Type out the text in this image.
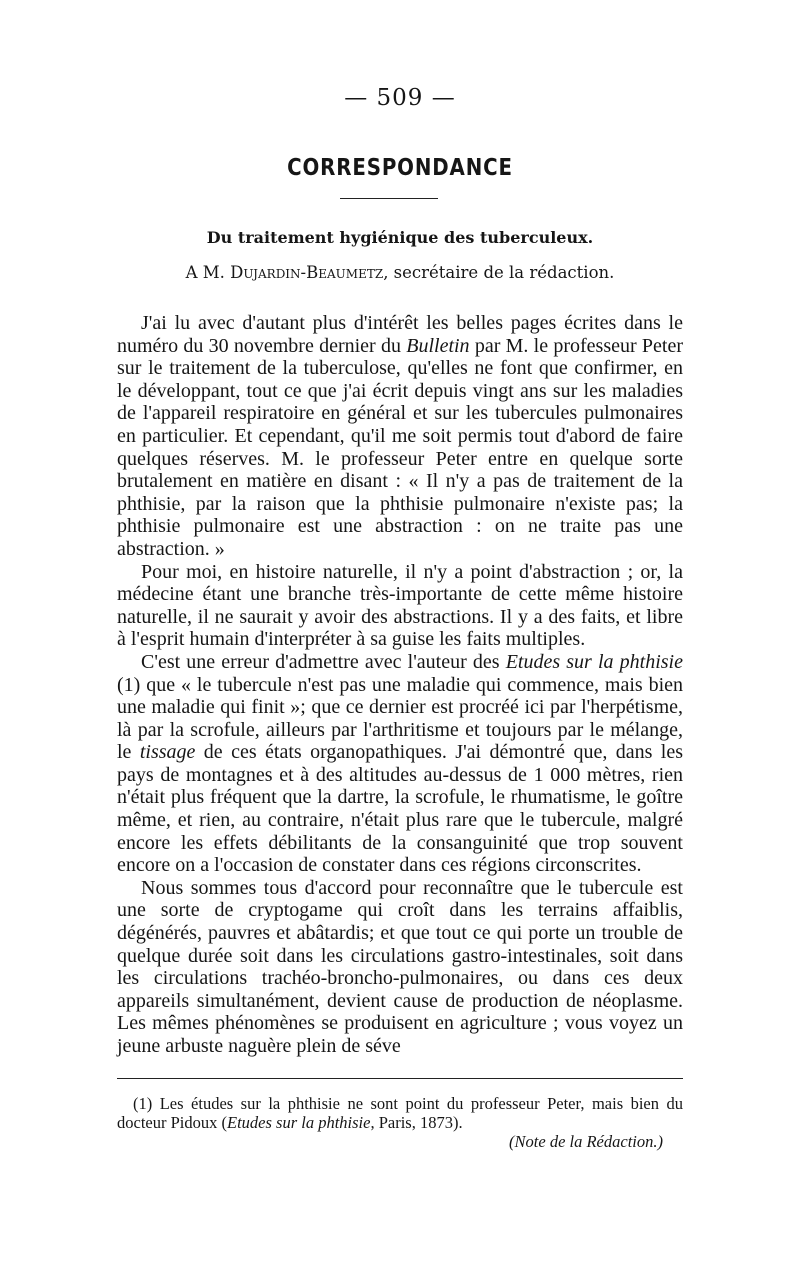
— 509 —
CORRESPONDANCE
Du traitement hygiénique des tuberculeux.
A M. Dujardin-Beaumetz, secrétaire de la rédaction.

J'ai lu avec d'autant plus d'intérêt les belles pages écrites dans le numéro du 30 novembre dernier du Bulletin par M. le professeur Peter sur le traitement de la tuberculose, qu'elles ne font que confirmer, en le développant, tout ce que j'ai écrit depuis vingt ans sur les maladies de l'appareil respiratoire en général et sur les tubercules pulmonaires en particulier. Et cependant, qu'il me soit permis tout d'abord de faire quelques réserves. M. le professeur Peter entre en quelque sorte brutalement en matière en disant : « Il n'y a pas de traitement de la phthisie, par la raison que la phthisie pulmonaire n'existe pas; la phthisie pulmonaire est une abstraction : on ne traite pas une abstraction. »

Pour moi, en histoire naturelle, il n'y a point d'abstraction ; or, la médecine étant une branche très-importante de cette même histoire naturelle, il ne saurait y avoir des abstractions. Il y a des faits, et libre à l'esprit humain d'interpréter à sa guise les faits multiples.

C'est une erreur d'admettre avec l'auteur des Etudes sur la phthisie (1) que « le tubercule n'est pas une maladie qui commence, mais bien une maladie qui finit »; que ce dernier est procréé ici par l'herpétisme, là par la scrofule, ailleurs par l'arthritisme et toujours par le mélange, le tissage de ces états organopathiques. J'ai démontré que, dans les pays de montagnes et à des altitudes au-dessus de 1 000 mètres, rien n'était plus fréquent que la dartre, la scrofule, le rhumatisme, le goître même, et rien, au contraire, n'était plus rare que le tubercule, malgré encore les effets débilitants de la consanguinité que trop souvent encore on a l'occasion de constater dans ces régions circonscrites.

Nous sommes tous d'accord pour reconnaître que le tubercule est une sorte de cryptogame qui croît dans les terrains affaiblis, dégénérés, pauvres et abâtardis; et que tout ce qui porte un trouble de quelque durée soit dans les circulations gastro-intestinales, soit dans les circulations trachéo-broncho-pulmonaires, ou dans ces deux appareils simultanément, devient cause de production de néoplasme. Les mêmes phénomènes se produisent en agriculture ; vous voyez un jeune arbuste naguère plein de séve

(1) Les études sur la phthisie ne sont point du professeur Peter, mais bien du docteur Pidoux (Etudes sur la phthisie, Paris, 1873).

(Note de la Rédaction.)
